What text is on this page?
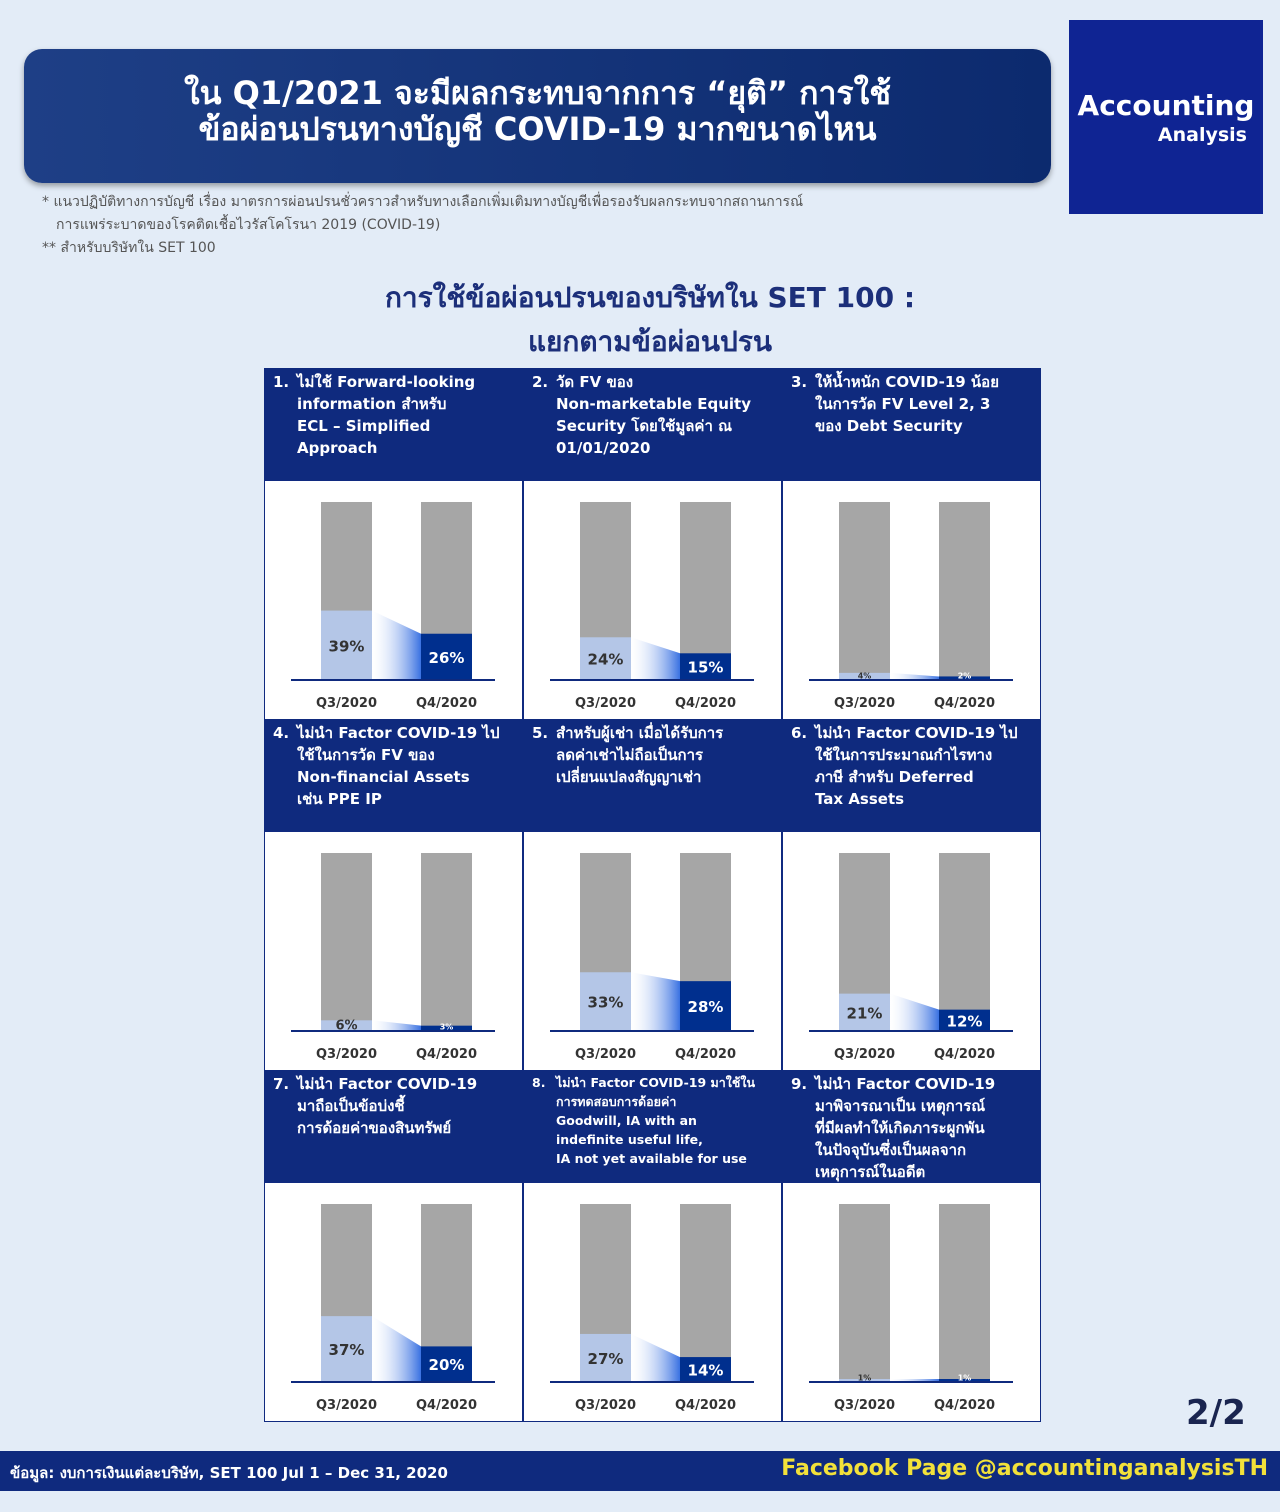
ใน Q1/2021 จะมีผลกระทบจากการ “ยุติ” การใช้
ข้อผ่อนปรนทางบัญชี COVID-19 มากขนาดไหน
Accounting
Analysis
* แนวปฏิบัติทางการบัญชี เรื่อง มาตรการผ่อนปรนชั่วคราวสำหรับทางเลือกเพิ่มเติมทางบัญชีเพื่อรองรับผลกระทบจากสถานการณ์
การแพร่ระบาดของโรคติดเชื้อไวรัสโคโรนา 2019 (COVID-19)
** สำหรับบริษัทใน SET 100
การใช้ข้อผ่อนปรนของบริษัทใน SET 100 :
แยกตามข้อผ่อนปรน
1. ไม่ใช้ Forward-looking
information สำหรับ
ECL – Simplified
Approach
39%
26%
Q3/2020	Q4/2020
2. วัด FV ของ
Non-marketable Equity
Security โดยใช้มูลค่า ณ
01/01/2020
24%	15%
Q3/2020	Q4/2020
3. ให้น้ำหนัก COVID-19 น้อย
ในการวัด FV Level 2, 3
ของ Debt Security
4%	2%
Q3/2020	Q4/2020
4. ไม่นำ Factor COVID-19 ไป
ใช้ในการวัด FV ของ
Non-financial Assets
เช่น PPE IP
6%	3%
Q3/2020	Q4/2020
5. สำหรับผู้เช่า เมื่อได้รับการ
ลดค่าเช่าไม่ถือเป็นการ
เปลี่ยนแปลงสัญญาเช่า
33%	28%
Q3/2020	Q4/2020
6. ไม่นำ Factor COVID-19 ไป
ใช้ในการประมาณกำไรทาง
ภาษี สำหรับ Deferred
Tax Assets
21%	12%
Q3/2020	Q4/2020
7. ไม่นำ Factor COVID-19
มาถือเป็นข้อบ่งชี้
การด้อยค่าของสินทรัพย์
37%
20%
Q3/2020	Q4/2020
8. ไม่นำ Factor COVID-19 มาใช้ใน
การทดสอบการด้อยค่า
Goodwill, IA with an
indefinite useful life,
IA not yet available for use
27%
14%
Q3/2020	Q4/2020
9. ไม่นำ Factor COVID-19
มาพิจารณาเป็น เหตุการณ์
ที่มีผลทำให้เกิดภาระผูกพัน
ในปัจจุบันซึ่งเป็นผลจาก
เหตุการณ์ในอดีต
1%	1%
Q3/2020	Q4/2020	2/2
ข้อมูล: งบการเงินแต่ละบริษัท, SET 100 Jul 1 – Dec 31, 2020	Facebook Page @accountinganalysisTH
